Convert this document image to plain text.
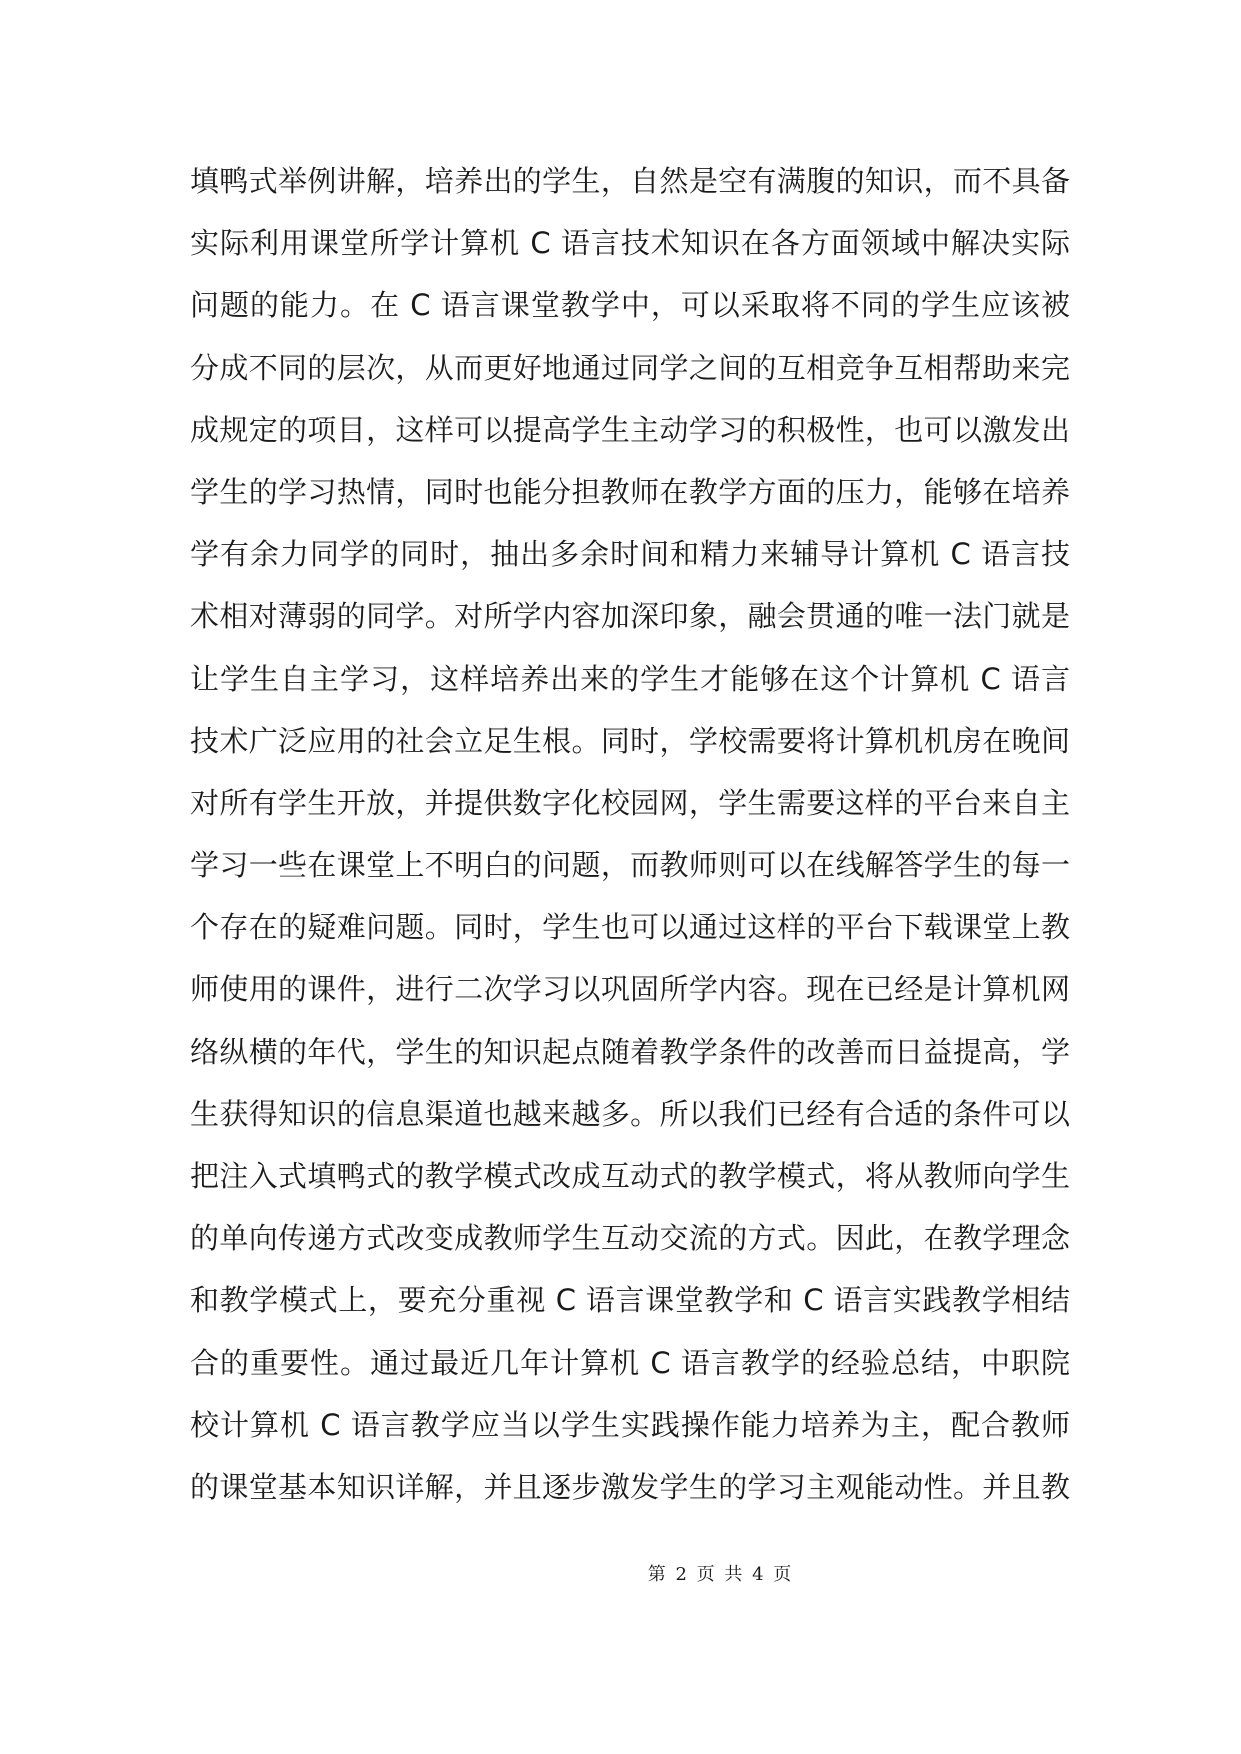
填鸭式举例讲解，培养出的学生，自然是空有满腹的知识，而不具备
实际利用课堂所学计算机 C 语言技术知识在各方面领域中解决实际
问题的能力。在 C 语言课堂教学中，可以采取将不同的学生应该被
分成不同的层次，从而更好地通过同学之间的互相竞争互相帮助来完
成规定的项目，这样可以提高学生主动学习的积极性，也可以激发出
学生的学习热情，同时也能分担教师在教学方面的压力，能够在培养
学有余力同学的同时，抽出多余时间和精力来辅导计算机 C 语言技
术相对薄弱的同学。对所学内容加深印象，融会贯通的唯一法门就是
让学生自主学习，这样培养出来的学生才能够在这个计算机 C 语言
技术广泛应用的社会立足生根。同时，学校需要将计算机机房在晚间
对所有学生开放，并提供数字化校园网，学生需要这样的平台来自主
学习一些在课堂上不明白的问题，而教师则可以在线解答学生的每一
个存在的疑难问题。同时，学生也可以通过这样的平台下载课堂上教
师使用的课件，进行二次学习以巩固所学内容。现在已经是计算机网
络纵横的年代，学生的知识起点随着教学条件的改善而日益提高，学
生获得知识的信息渠道也越来越多。所以我们已经有合适的条件可以
把注入式填鸭式的教学模式改成互动式的教学模式，将从教师向学生
的单向传递方式改变成教师学生互动交流的方式。因此，在教学理念
和教学模式上，要充分重视 C 语言课堂教学和 C 语言实践教学相结
合的重要性。通过最近几年计算机 C 语言教学的经验总结，中职院
校计算机 C 语言教学应当以学生实践操作能力培养为主，配合教师
的课堂基本知识详解，并且逐步激发学生的学习主观能动性。并且教
第 2 页 共 4 页
